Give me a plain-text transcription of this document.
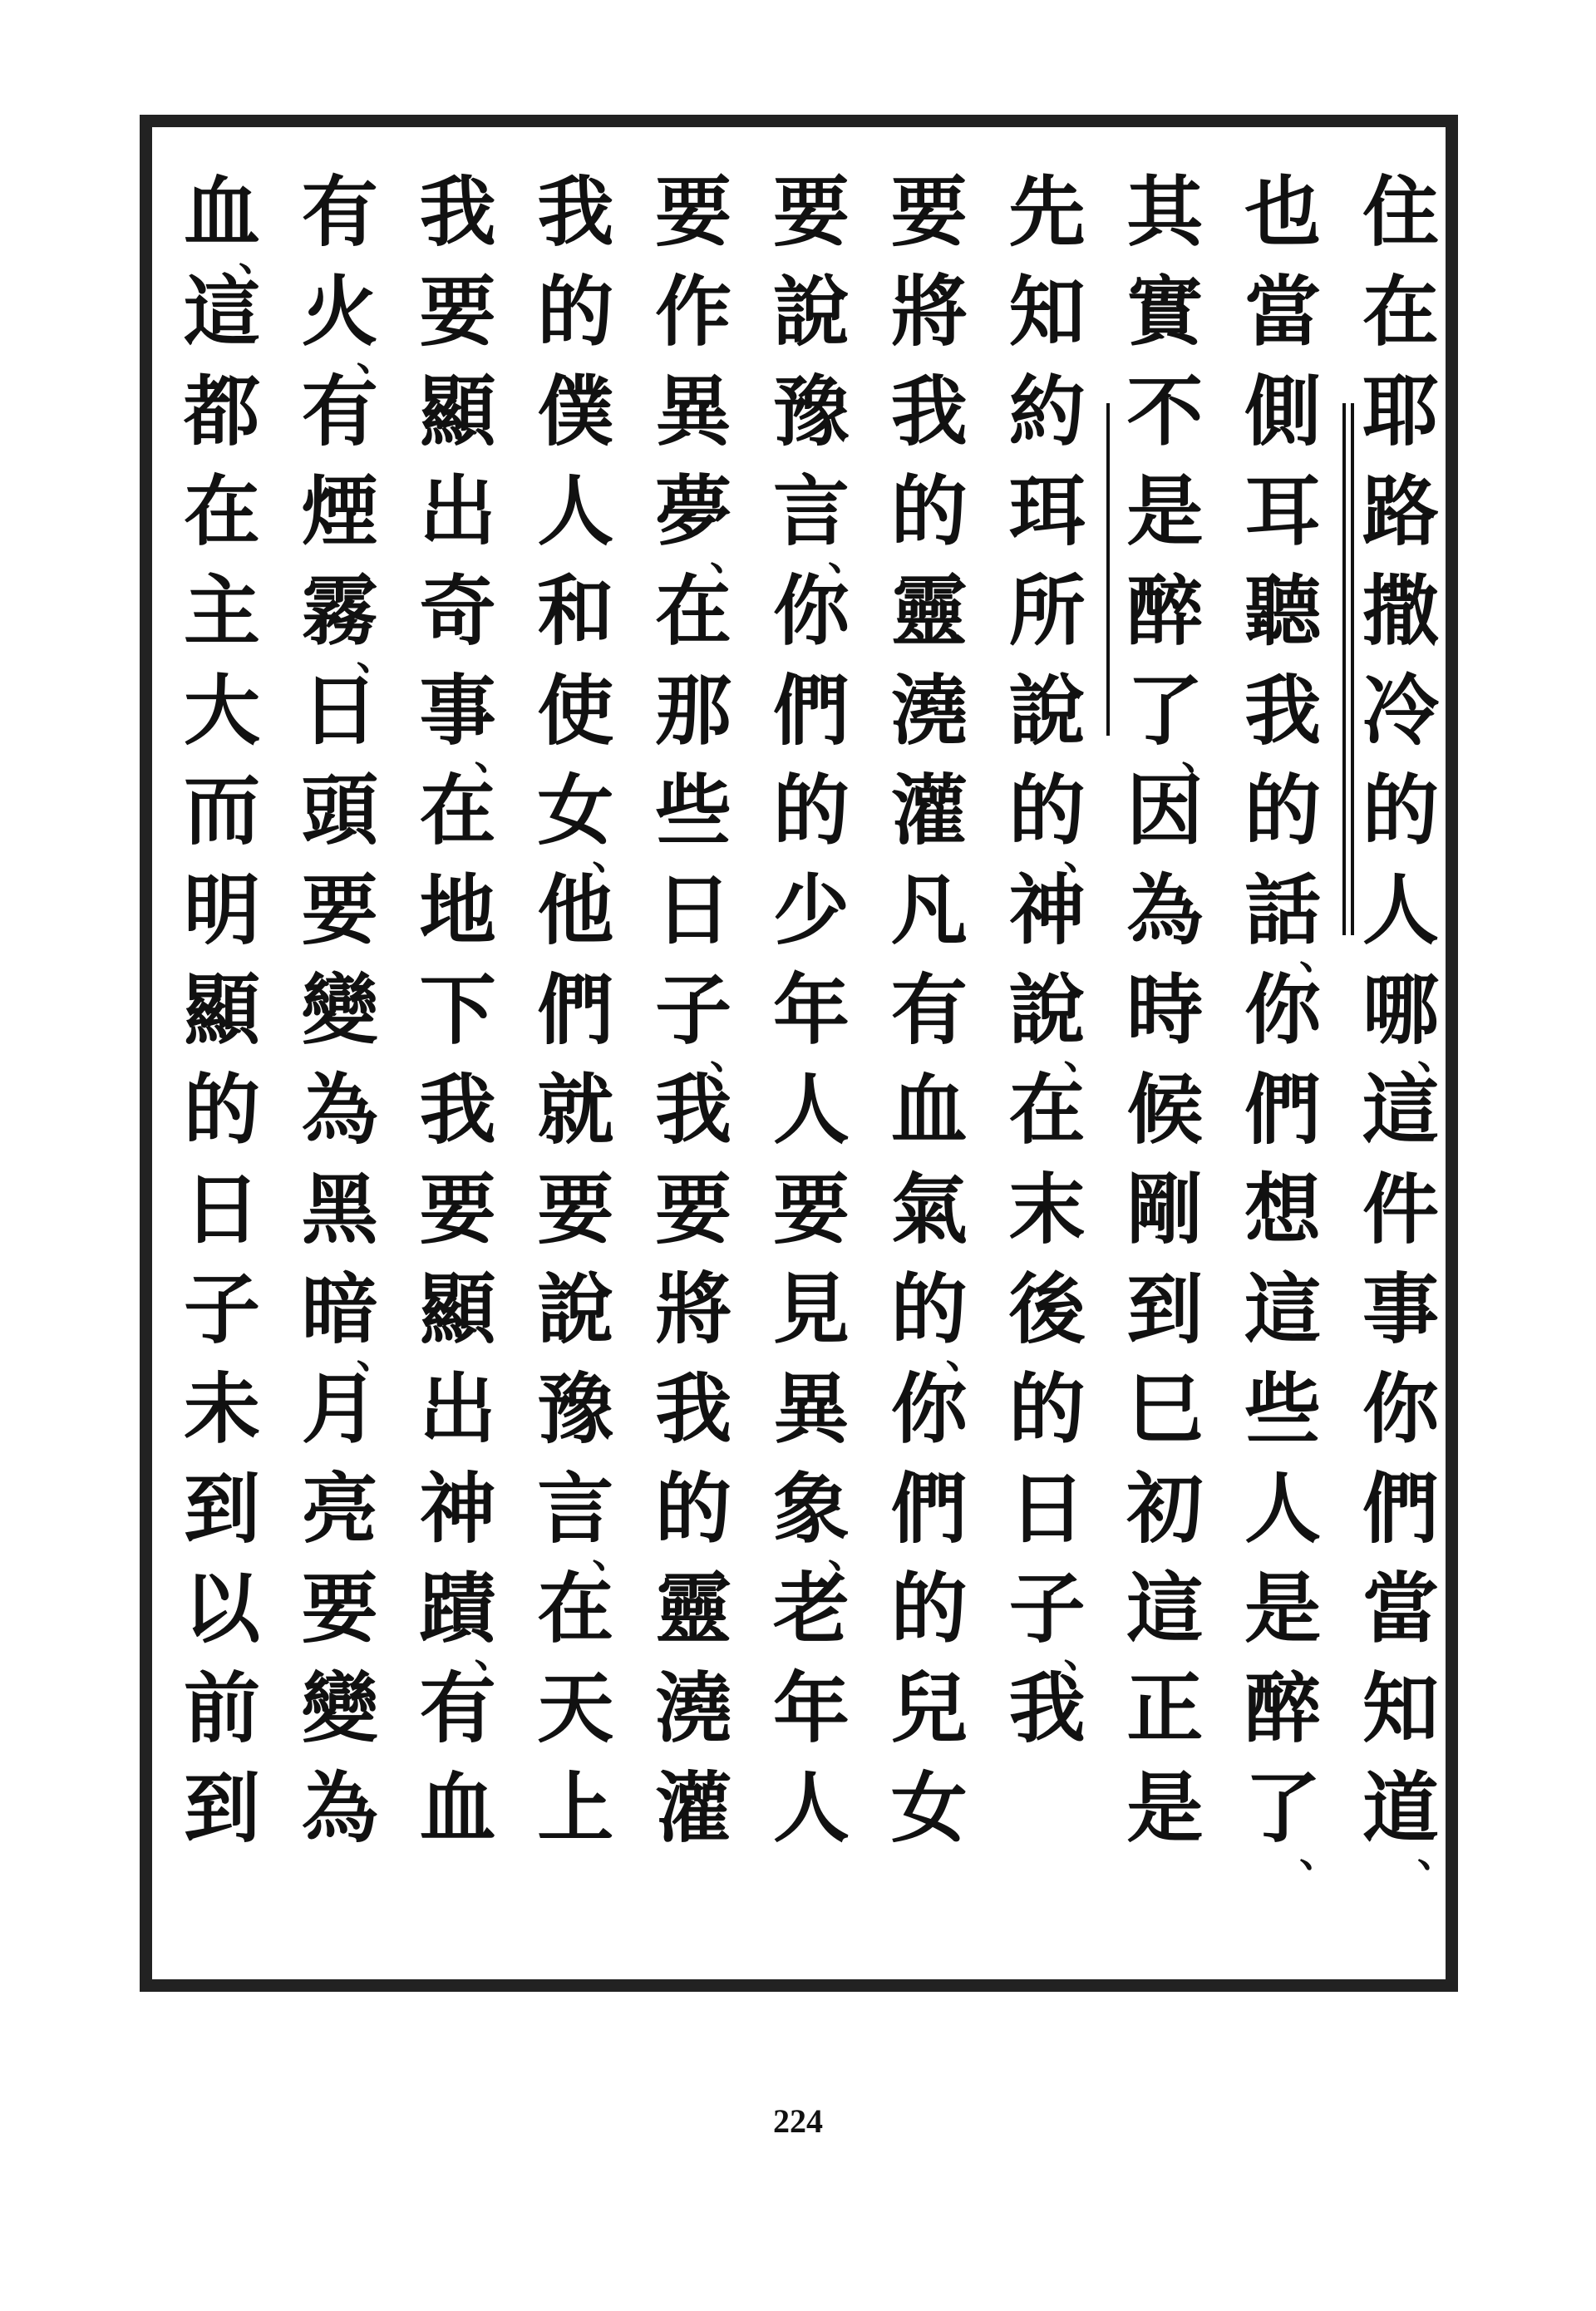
住
在
耶
路
撒
冷
的
人
哪
、
這
件
事
你
們
當
知
道
、
也
當
側
耳
聽
我
的
話
、
你
們
想
這
些
人
是
醉
了
、
其
實
不
是
醉
了
、
因
為
時
候
剛
到
巳
初
這
正
是
先
知
約
珥
所
說
的
、
神
說
、
在
末
後
的
日
子
、
我
要
將
我
的
靈
澆
灌
凡
有
血
氣
的
、
你
們
的
兒
女
要
說
豫
言
、
你
們
的
少
年
人
要
見
異
象
、
老
年
人
要
作
異
夢
、
在
那
些
日
子
、
我
要
將
我
的
靈
澆
灌
我
的
僕
人
和
使
女
、
他
們
就
要
說
豫
言
、
在
天
上
我
要
顯
出
奇
事
、
在
地
下
我
要
顯
出
神
蹟
、
有
血
有
火
、
有
煙
霧
、
日
頭
要
變
為
黑
暗
、
月
亮
要
變
為
血
、
這
都
在
主
大
而
明
顯
的
日
子
未
到
以
前
到
224
